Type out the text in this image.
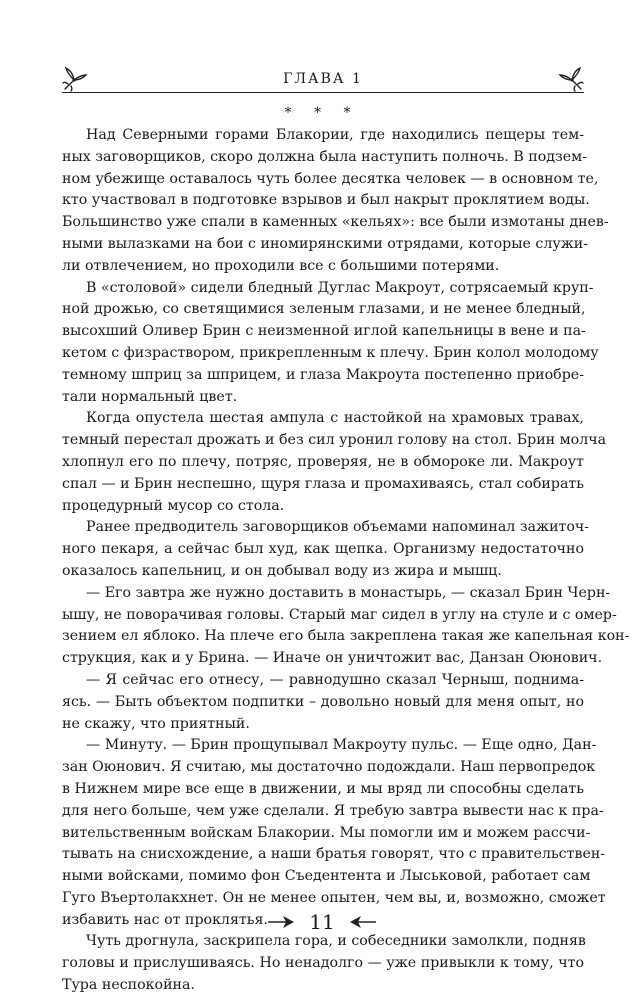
ГЛАВА 1
* * *
Над Северными горами Блакории, где находились пещеры тем-
ных заговорщиков, скоро должна была наступить полночь. В подзем-
ном убежище оставалось чуть более десятка человек — в основном те,
кто участвовал в подготовке взрывов и был накрыт проклятием воды.
Большинство уже спали в каменных «кельях»: все были измотаны днев-
ными вылазками на бои с иномирянскими отрядами, которые служи-
ли отвлечением, но проходили все с большими потерями.
В «столовой» сидели бледный Дуглас Макроут, сотрясаемый круп-
ной дрожью, со светящимися зеленым глазами, и не менее бледный,
высохший Оливер Брин с неизменной иглой капельницы в вене и па-
кетом с физраствором, прикрепленным к плечу. Брин колол молодому
темному шприц за шприцем, и глаза Макроута постепенно приобре-
тали нормальный цвет.
Когда опустела шестая ампула с настойкой на храмовых травах,
темный перестал дрожать и без сил уронил голову на стол. Брин молча
хлопнул его по плечу, потряс, проверяя, не в обмороке ли. Макроут
спал — и Брин неспешно, щуря глаза и промахиваясь, стал собирать
процедурный мусор со стола.
Ранее предводитель заговорщиков объемами напоминал зажиточ-
ного пекаря, а сейчас был худ, как щепка. Организму недостаточно
оказалось капельниц, и он добывал воду из жира и мышц.
— Его завтра же нужно доставить в монастырь, — сказал Брин Черн-
ышу, не поворачивая головы. Старый маг сидел в углу на стуле и с омер-
зением ел яблоко. На плече его была закреплена такая же капельная кон-
струкция, как и у Брина. — Иначе он уничтожит вас, Данзан Оюнович.
— Я сейчас его отнесу, — равнодушно сказал Черныш, поднима-
ясь. — Быть объектом подпитки – довольно новый для меня опыт, но
не скажу, что приятный.
— Минуту. — Брин прощупывал Макроуту пульс. — Еще одно, Дан-
зан Оюнович. Я считаю, мы достаточно подождали. Наш первопредок
в Нижнем мире все еще в движении, и мы вряд ли способны сделать
для него больше, чем уже сделали. Я требую завтра вывести нас к пра-
вительственным войскам Блакории. Мы помогли им и можем рассчи-
тывать на снисхождение, а наши братья говорят, что с правительствен-
ными войсками, помимо фон Съедентента и Лыськовой, работает сам
Гуго Въертолакхнет. Он не менее опытен, чем вы, и, возможно, сможет
избавить нас от проклятья.
Чуть дрогнула, заскрипела гора, и собеседники замолкли, подняв
головы и прислушиваясь. Но ненадолго — уже привыкли к тому, что
Тура неспокойна.
11
